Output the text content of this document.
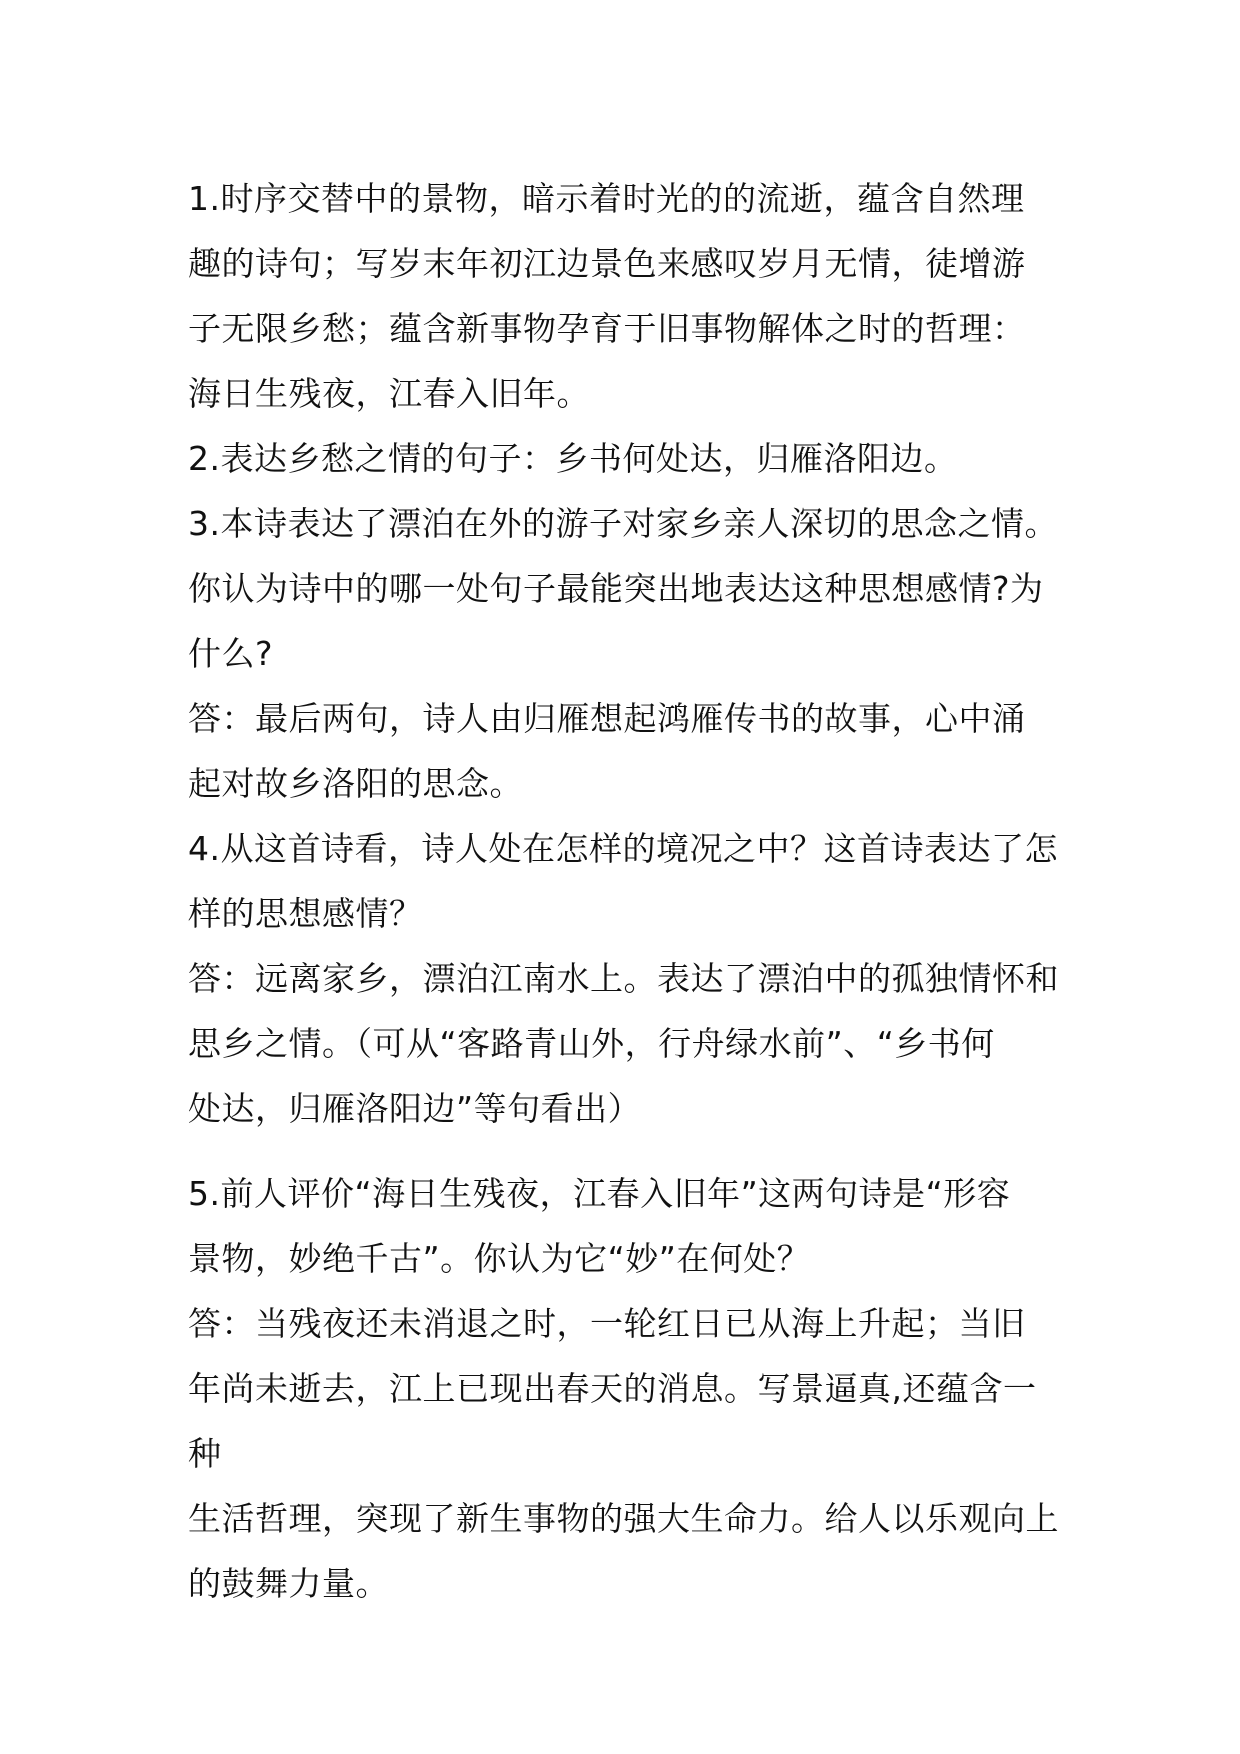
1.时序交替中的景物，暗示着时光的的流逝，蕴含自然理
趣的诗句；写岁末年初江边景色来感叹岁月无情，徒增游
子无限乡愁；蕴含新事物孕育于旧事物解体之时的哲理：
海日生残夜，江春入旧年。

2.表达乡愁之情的句子：乡书何处达，归雁洛阳边。

3.本诗表达了漂泊在外的游子对家乡亲人深切的思念之情。
你认为诗中的哪一处句子最能突出地表达这种思想感情?为
什么?

答：最后两句，诗人由归雁想起鸿雁传书的故事，心中涌
起对故乡洛阳的思念。

4.从这首诗看，诗人处在怎样的境况之中？这首诗表达了怎
样的思想感情？

答：远离家乡，漂泊江南水上。表达了漂泊中的孤独情怀和
思乡之情。（可从“客路青山外，行舟绿水前”、“乡书何
处达，归雁洛阳边”等句看出）

5.前人评价“海日生残夜，江春入旧年”这两句诗是“形容
景物，妙绝千古”。你认为它“妙”在何处？

答：当残夜还未消退之时，一轮红日已从海上升起；当旧
年尚未逝去，江上已现出春天的消息。写景逼真,还蕴含一种
生活哲理，突现了新生事物的强大生命力。给人以乐观向上
的鼓舞力量。
